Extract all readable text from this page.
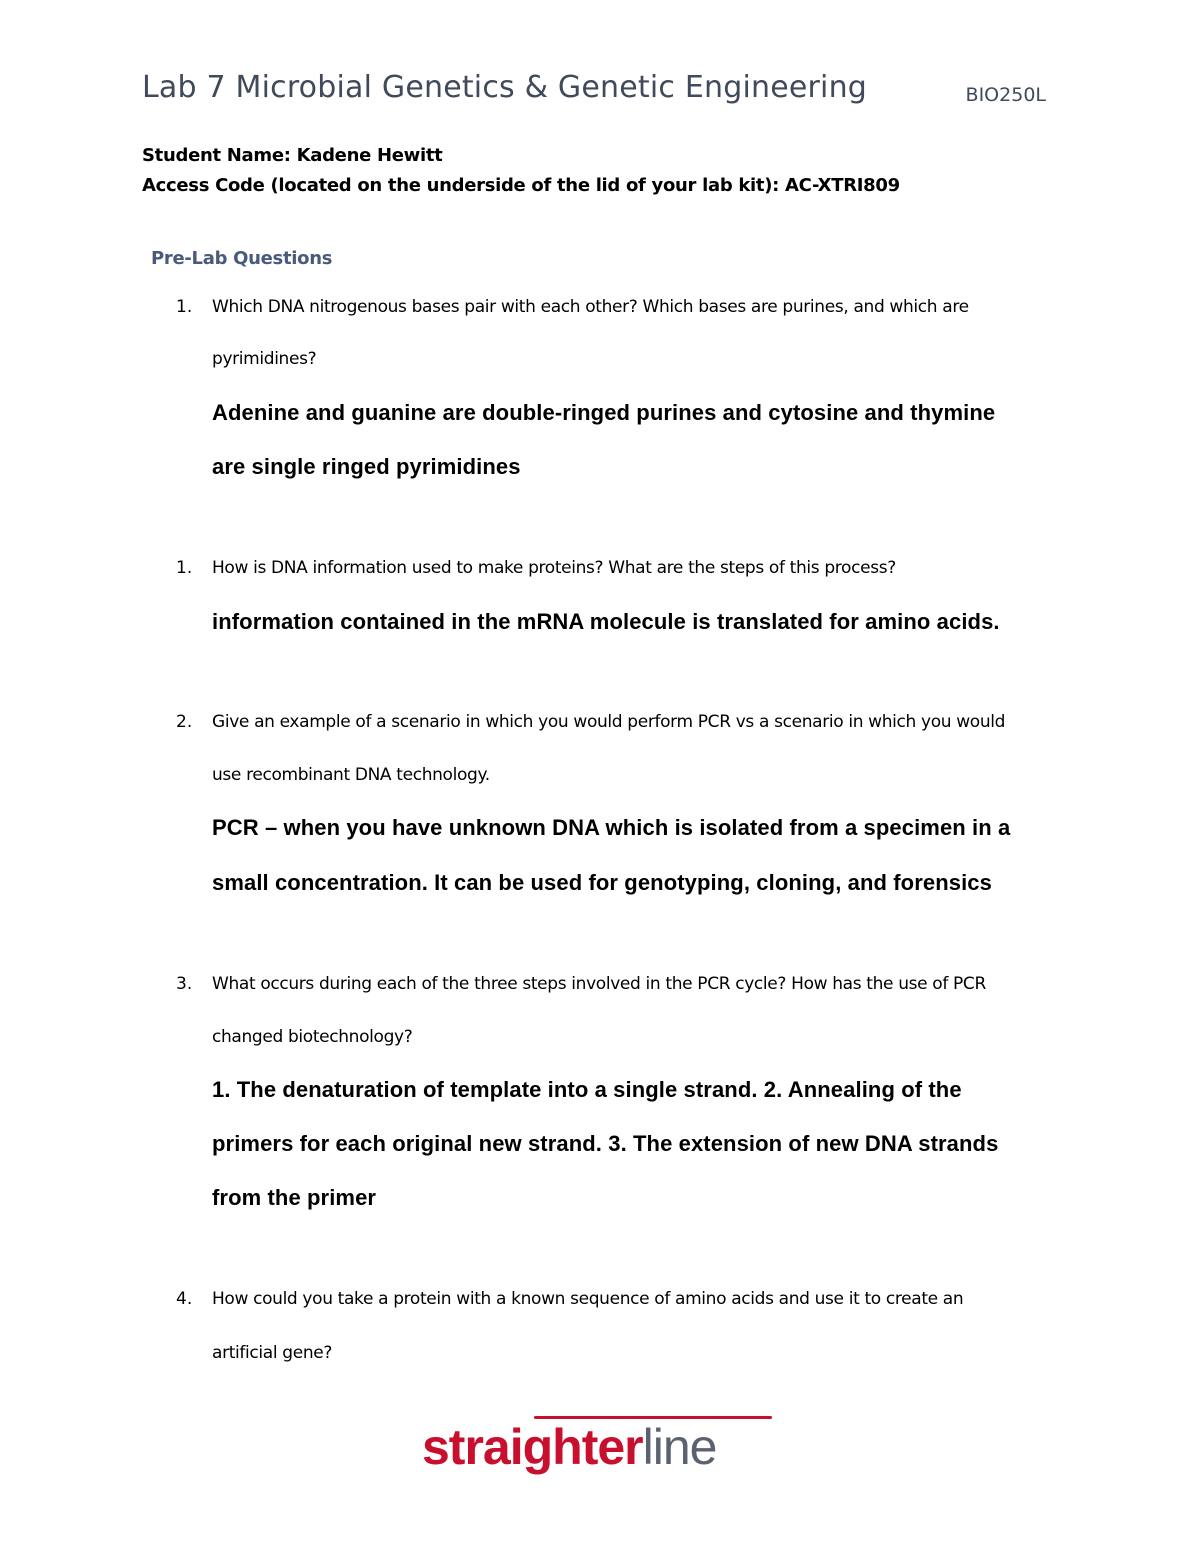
Lab 7 Microbial Genetics & Genetic Engineering	BIO250L
Student Name: Kadene Hewitt
Access Code (located on the underside of the lid of your lab kit): AC-XTRI809
Pre-Lab Questions
1. Which DNA nitrogenous bases pair with each other? Which bases are purines, and which are
pyrimidines?
Adenine and guanine are double-ringed purines and cytosine and thymine
are single ringed pyrimidines
1. How is DNA information used to make proteins? What are the steps of this process?
information contained in the mRNA molecule is translated for amino acids.
2. Give an example of a scenario in which you would perform PCR vs a scenario in which you would
use recombinant DNA technology.
PCR – when you have unknown DNA which is isolated from a specimen in a
small concentration. It can be used for genotyping, cloning, and forensics
3. What occurs during each of the three steps involved in the PCR cycle? How has the use of PCR
changed biotechnology?
1. The denaturation of template into a single strand. 2. Annealing of the
primers for each original new strand. 3. The extension of new DNA strands
from the primer
4. How could you take a protein with a known sequence of amino acids and use it to create an
artificial gene?
straighterline
